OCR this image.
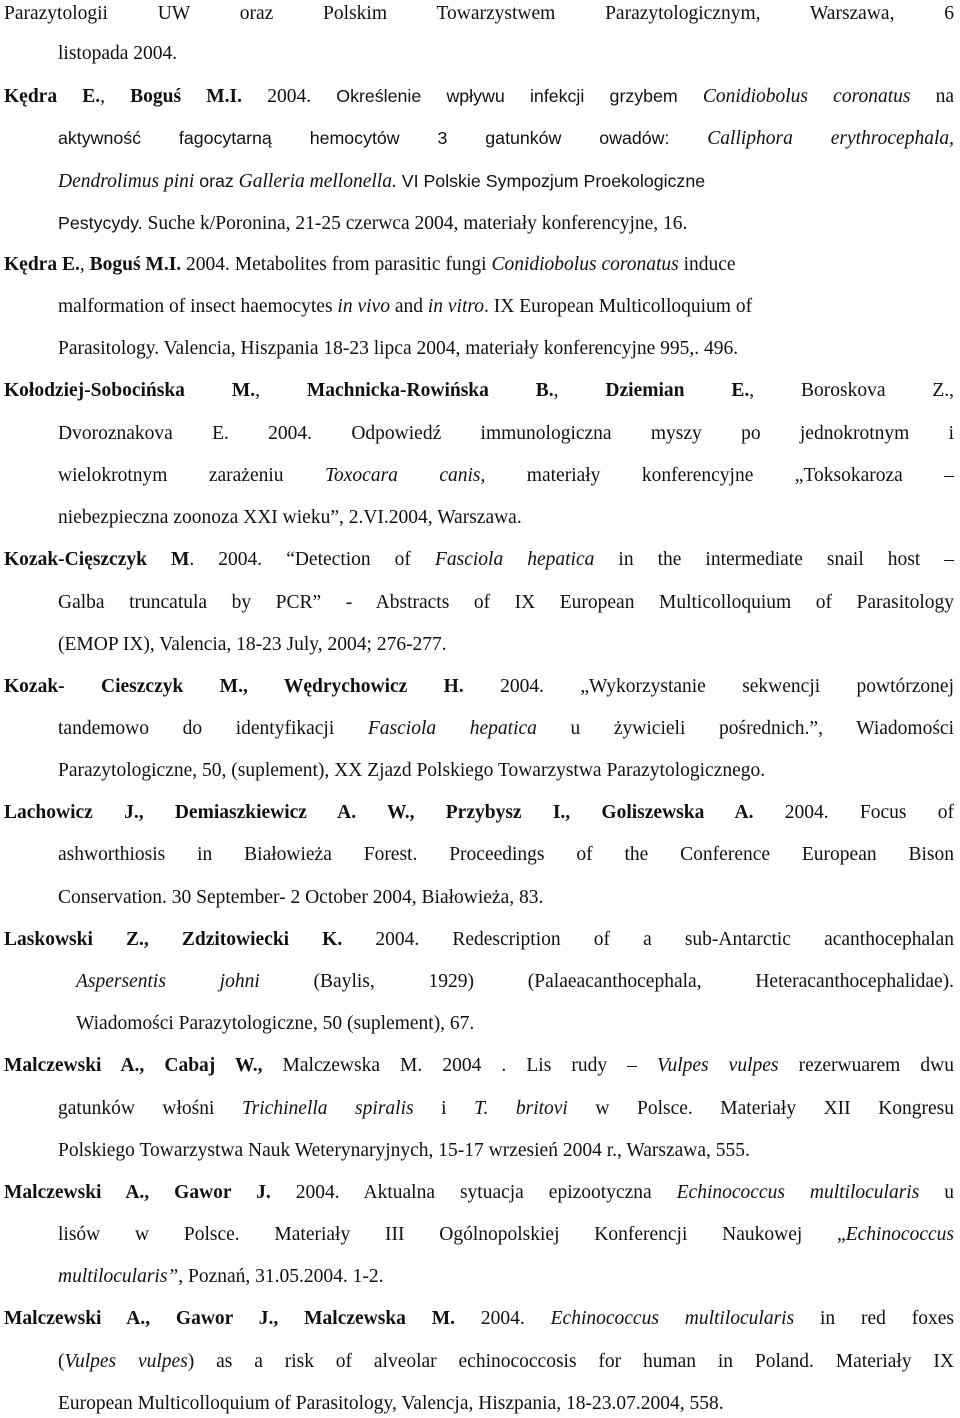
Parazytologii UW oraz Polskim Towarzystwem Parazytologicznym, Warszawa, 6
listopada 2004.
Kędra E., Boguś M.I. 2004. Określenie wpływu infekcji grzybem Conidiobolus coronatus na
aktywność fagocytarną hemocytów 3 gatunków owadów: Calliphora erythrocephala,
Dendrolimus pini oraz Galleria mellonella. VI Polskie Sympozjum Proekologiczne
Pestycydy. Suche k/Poronina, 21-25 czerwca 2004, materiały konferencyjne, 16.
Kędra E., Boguś M.I. 2004. Metabolites from parasitic fungi Conidiobolus coronatus induce
malformation of insect haemocytes in vivo and in vitro. IX European Multicolloquium of
Parasitology. Valencia, Hiszpania 18-23 lipca 2004, materiały konferencyjne 995,. 496.
Kołodziej-Sobocińska M., Machnicka-Rowińska B., Dziemian E., Boroskova Z.,
Dvoroznakova E. 2004. Odpowiedź immunologiczna myszy po jednokrotnym i
wielokrotnym zarażeniu Toxocara canis, materiały konferencyjne „Toksokaroza –
niebezpieczna zoonoza XXI wieku”, 2.VI.2004, Warszawa.
Kozak-Cięszczyk M. 2004. “Detection of Fasciola hepatica in the intermediate snail host –
Galba truncatula by PCR” - Abstracts of IX European Multicolloquium of Parasitology
(EMOP IX), Valencia, 18-23 July, 2004; 276-277.
Kozak- Cieszczyk M., Wędrychowicz H. 2004. „Wykorzystanie sekwencji powtórzonej
tandemowo do identyfikacji Fasciola hepatica u żywicieli pośrednich.”, Wiadomości
Parazytologiczne, 50, (suplement), XX Zjazd Polskiego Towarzystwa Parazytologicznego.
Lachowicz J., Demiaszkiewicz A. W., Przybysz I., Goliszewska A. 2004. Focus of
ashworthiosis in Białowieża Forest. Proceedings of the Conference European Bison
Conservation. 30 September- 2 October 2004, Białowieża, 83.
Laskowski Z., Zdzitowiecki K. 2004. Redescription of a sub-Antarctic acanthocephalan
Aspersentis johni (Baylis, 1929) (Palaeacanthocephala, Heteracanthocephalidae).
Wiadomości Parazytologiczne, 50 (suplement), 67.
Malczewski A., Cabaj W., Malczewska M. 2004 . Lis rudy – Vulpes vulpes rezerwuarem dwu
gatunków włośni Trichinella spiralis i T. britovi w Polsce. Materiały XII Kongresu
Polskiego Towarzystwa Nauk Weterynaryjnych, 15-17 wrzesień 2004 r., Warszawa, 555.
Malczewski A., Gawor J. 2004. Aktualna sytuacja epizootyczna Echinococcus multilocularis u
lisów w Polsce. Materiały III Ogólnopolskiej Konferencji Naukowej „Echinococcus
multilocularis”, Poznań, 31.05.2004. 1-2.
Malczewski A., Gawor J., Malczewska M. 2004. Echinococcus multilocularis in red foxes
(Vulpes vulpes) as a risk of alveolar echinococcosis for human in Poland. Materiały IX
European Multicolloquium of Parasitology, Valencja, Hiszpania, 18-23.07.2004, 558.
